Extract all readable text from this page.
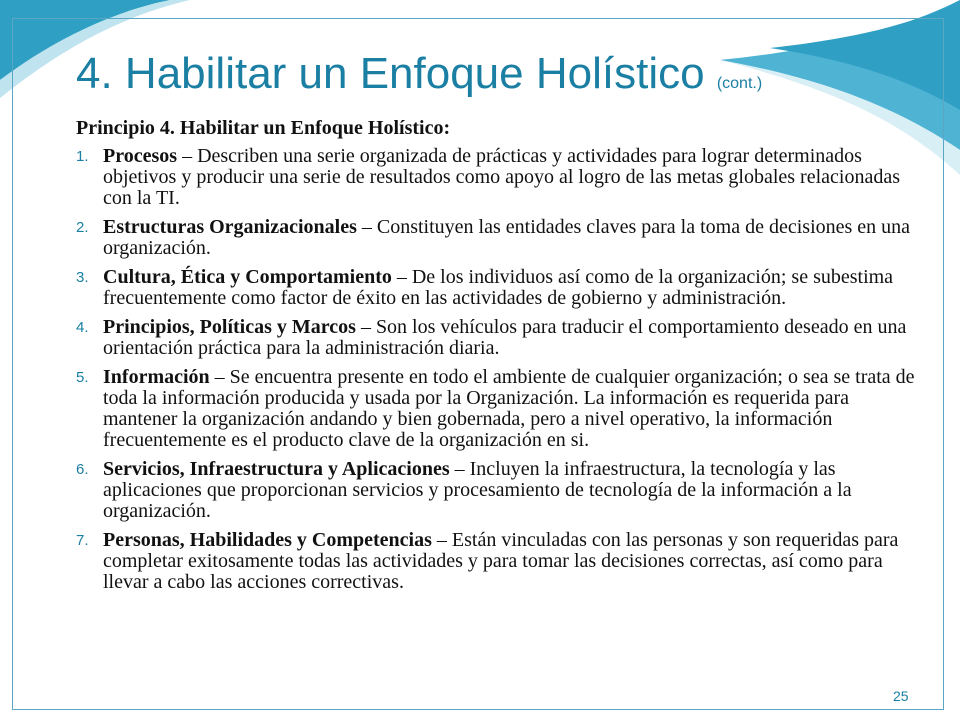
4. Habilitar un Enfoque Holístico (cont.)
Principio 4. Habilitar un Enfoque Holístico:
1. Procesos – Describen una serie organizada de prácticas y actividades para lograr determinados objetivos y producir una serie de resultados como apoyo al logro de las metas globales relacionadas con la TI.
2. Estructuras Organizacionales – Constituyen las entidades claves para la toma de decisiones en una organización.
3. Cultura, Ética y Comportamiento – De los individuos así como de la organización; se subestima frecuentemente como factor de éxito en las actividades de gobierno y administración.
4. Principios, Políticas y Marcos – Son los vehículos para traducir el comportamiento deseado en una orientación práctica para la administración diaria.
5. Información – Se encuentra presente en todo el ambiente de cualquier organización; o sea se trata de toda la información producida y usada por la Organización. La información es requerida para mantener la organización andando y bien gobernada, pero a nivel operativo, la información frecuentemente es el producto clave de la organización en si.
6. Servicios, Infraestructura y Aplicaciones – Incluyen la infraestructura, la tecnología y las aplicaciones que proporcionan servicios y procesamiento de tecnología de la información a la organización.
7. Personas, Habilidades y Competencias – Están vinculadas con las personas y son requeridas para completar exitosamente todas las actividades y para tomar las decisiones correctas, así como para llevar a cabo las acciones correctivas.
25
